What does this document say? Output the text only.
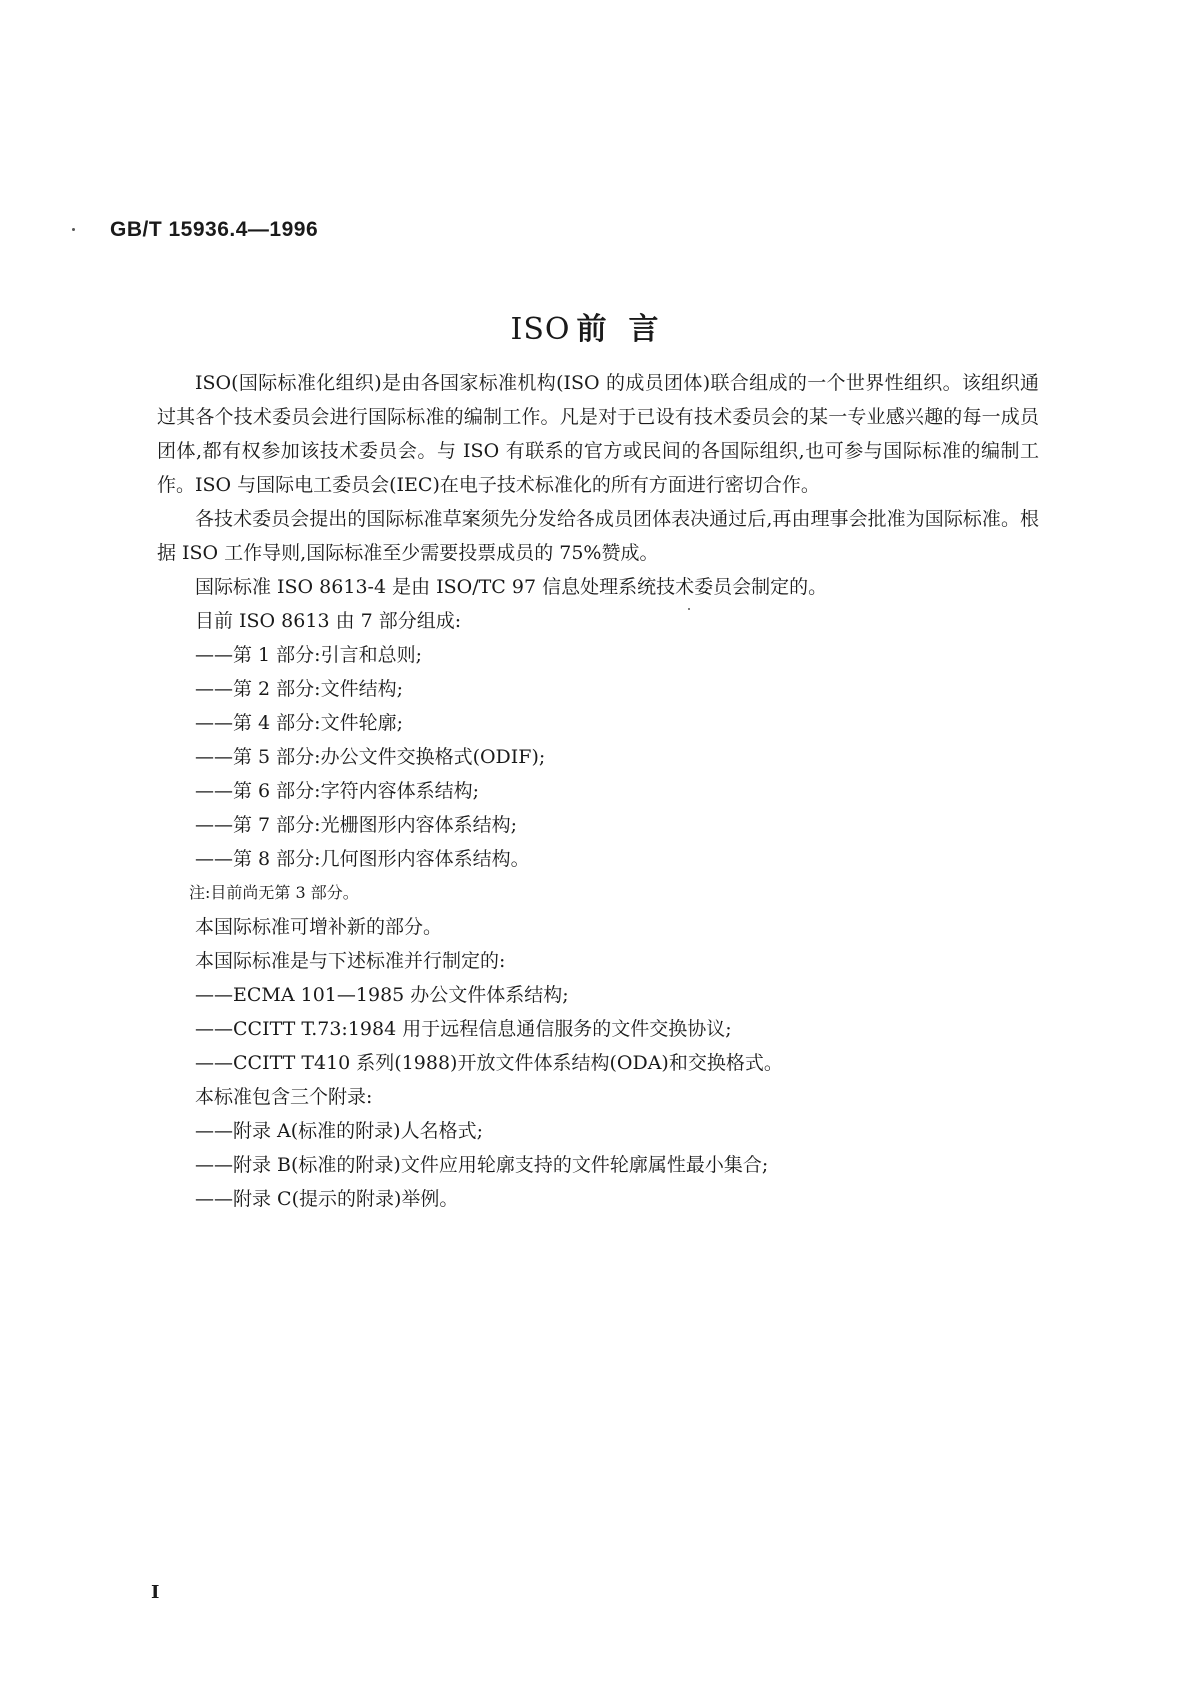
GB/T 15936.4—1996
ISO 前言

ISO(国际标准化组织)是由各国家标准机构(ISO 的成员团体)联合组成的一个世界性组织。该组织通过其各个技术委员会进行国际标准的编制工作。凡是对于已设有技术委员会的某一专业感兴趣的每一成员团体,都有权参加该技术委员会。与 ISO 有联系的官方或民间的各国际组织,也可参与国际标准的编制工作。ISO 与国际电工委员会(IEC)在电子技术标准化的所有方面进行密切合作。

各技术委员会提出的国际标准草案须先分发给各成员团体表决通过后,再由理事会批准为国际标准。根据 ISO 工作导则,国际标准至少需要投票成员的 75%赞成。

国际标准 ISO 8613-4 是由 ISO/TC 97 信息处理系统技术委员会制定的。

目前 ISO 8613 由 7 部分组成:

——第 1 部分:引言和总则;

——第 2 部分:文件结构;

——第 4 部分:文件轮廓;

——第 5 部分:办公文件交换格式(ODIF);

——第 6 部分:字符内容体系结构;

——第 7 部分:光栅图形内容体系结构;

——第 8 部分:几何图形内容体系结构。

注:目前尚无第 3 部分。

本国际标准可增补新的部分。

本国际标准是与下述标准并行制定的:

——ECMA 101—1985 办公文件体系结构;

——CCITT T.73:1984 用于远程信息通信服务的文件交换协议;

——CCITT T410 系列(1988)开放文件体系结构(ODA)和交换格式。

本标准包含三个附录:

——附录 A(标准的附录)人名格式;

——附录 B(标准的附录)文件应用轮廓支持的文件轮廓属性最小集合;

——附录 C(提示的附录)举例。

I
